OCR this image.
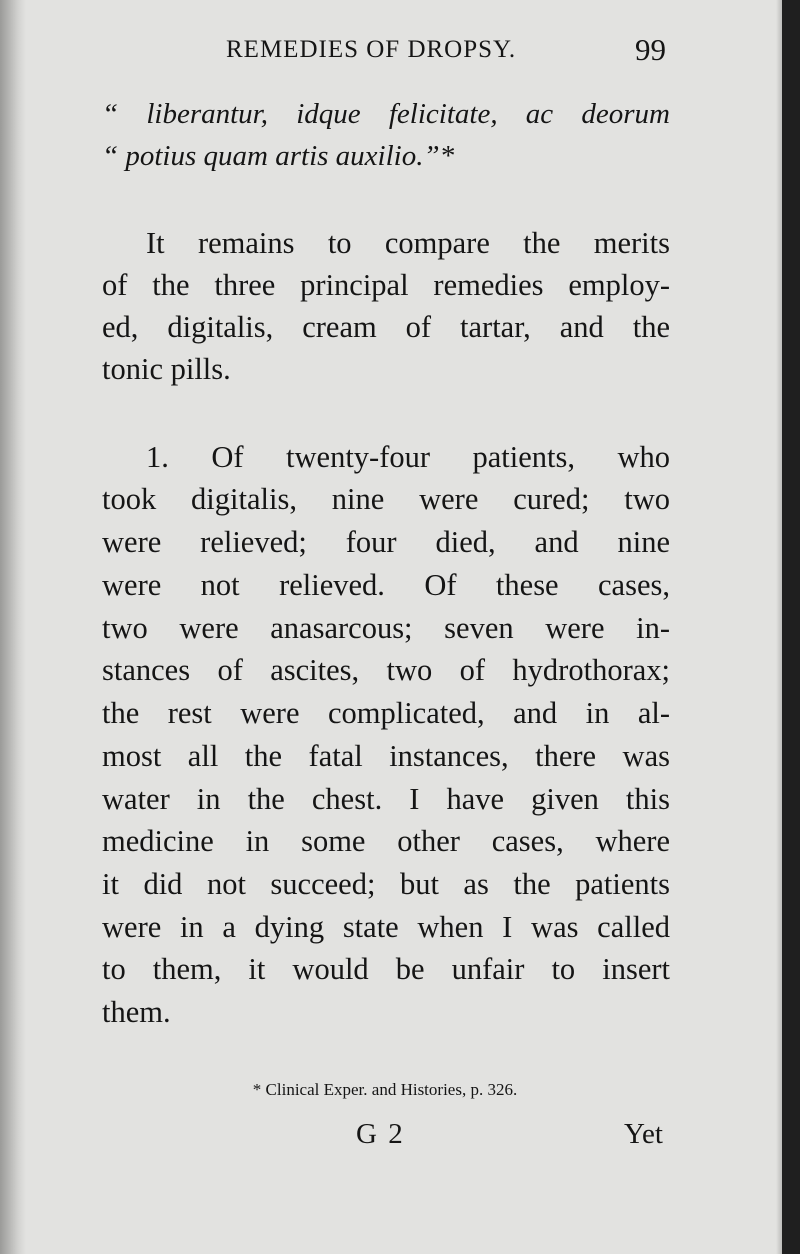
REMEDIES OF DROPSY.	99
“ liberantur, idque felicitate, ac deorum
“ potius quam artis auxilio.”*
It remains to compare the merits
of the three principal remedies employ-
ed, digitalis, cream of tartar, and the
tonic pills.
1. Of twenty-four patients, who
took digitalis, nine were cured; two
were relieved; four died, and nine
were not relieved. Of these cases,
two were anasarcous; seven were in-
stances of ascites, two of hydrothorax;
the rest were complicated, and in al-
most all the fatal instances, there was
water in the chest. I have given this
medicine in some other cases, where
it did not succeed; but as the patients
were in a dying state when I was called
to them, it would be unfair to insert
them.
* Clinical Exper. and Histories, p. 326.
G 2	Yet
